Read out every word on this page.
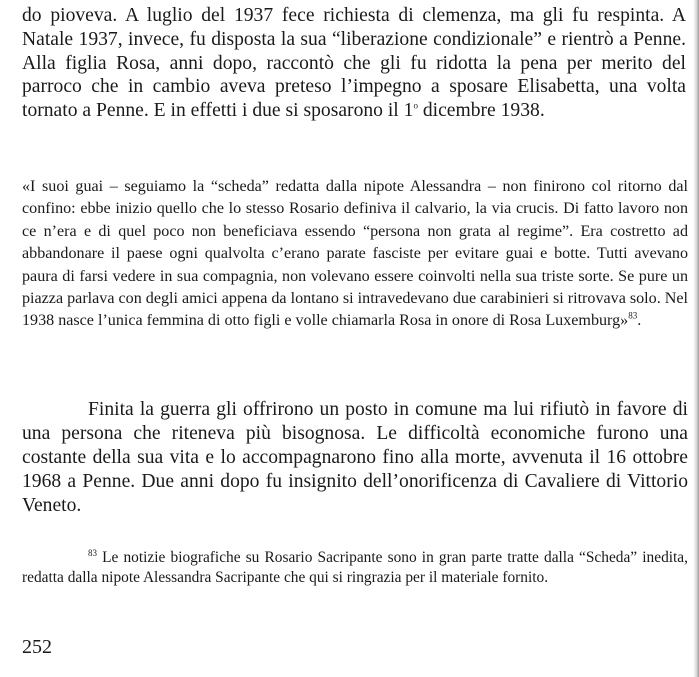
do pioveva. A luglio del 1937 fece richiesta di clemenza, ma gli fu respinta. A Natale 1937, invece, fu disposta la sua “liberazione condizionale” e rientrò a Penne. Alla figlia Rosa, anni dopo, raccontò che gli fu ridotta la pena per merito del parroco che in cambio aveva preteso l’impegno a sposare Elisabetta, una volta tornato a Penne. E in effetti i due si sposarono il 1$^o$ dicembre 1938.

«I suoi guai – seguiamo la “scheda” redatta dalla nipote Alessandra – non finirono col ritorno dal confino: ebbe inizio quello che lo stesso Rosario definiva il calvario, la via crucis. Di fatto lavoro non ce n’era e di quel poco non beneficiava essendo “persona non grata al regime”. Era costretto ad abbandonare il paese ogni qualvolta c’erano parate fasciste per evitare guai e botte. Tutti avevano paura di farsi vedere in sua compagnia, non volevano essere coinvolti nella sua triste sorte. Se pure un piazza parlava con degli amici appena da lontano si intravedevano due carabinieri si ritrovava solo. Nel 1938 nasce l’unica femmina di otto figli e volle chiamarla Rosa in onore di Rosa Luxemburg»$^{83}$.

Finita la guerra gli offrirono un posto in comune ma lui rifiutò in favore di una persona che riteneva più bisognosa. Le difficoltà economiche furono una costante della sua vita e lo accompagnarono fino alla morte, avvenuta il 16 ottobre 1968 a Penne. Due anni dopo fu insignito dell’onorificenza di Cavaliere di Vittorio Veneto.

$^{83}$ Le notizie biografiche su Rosario Sacripante sono in gran parte tratte dalla “Scheda” inedita, redatta dalla nipote Alessandra Sacripante che qui si ringrazia per il materiale fornito.

252
